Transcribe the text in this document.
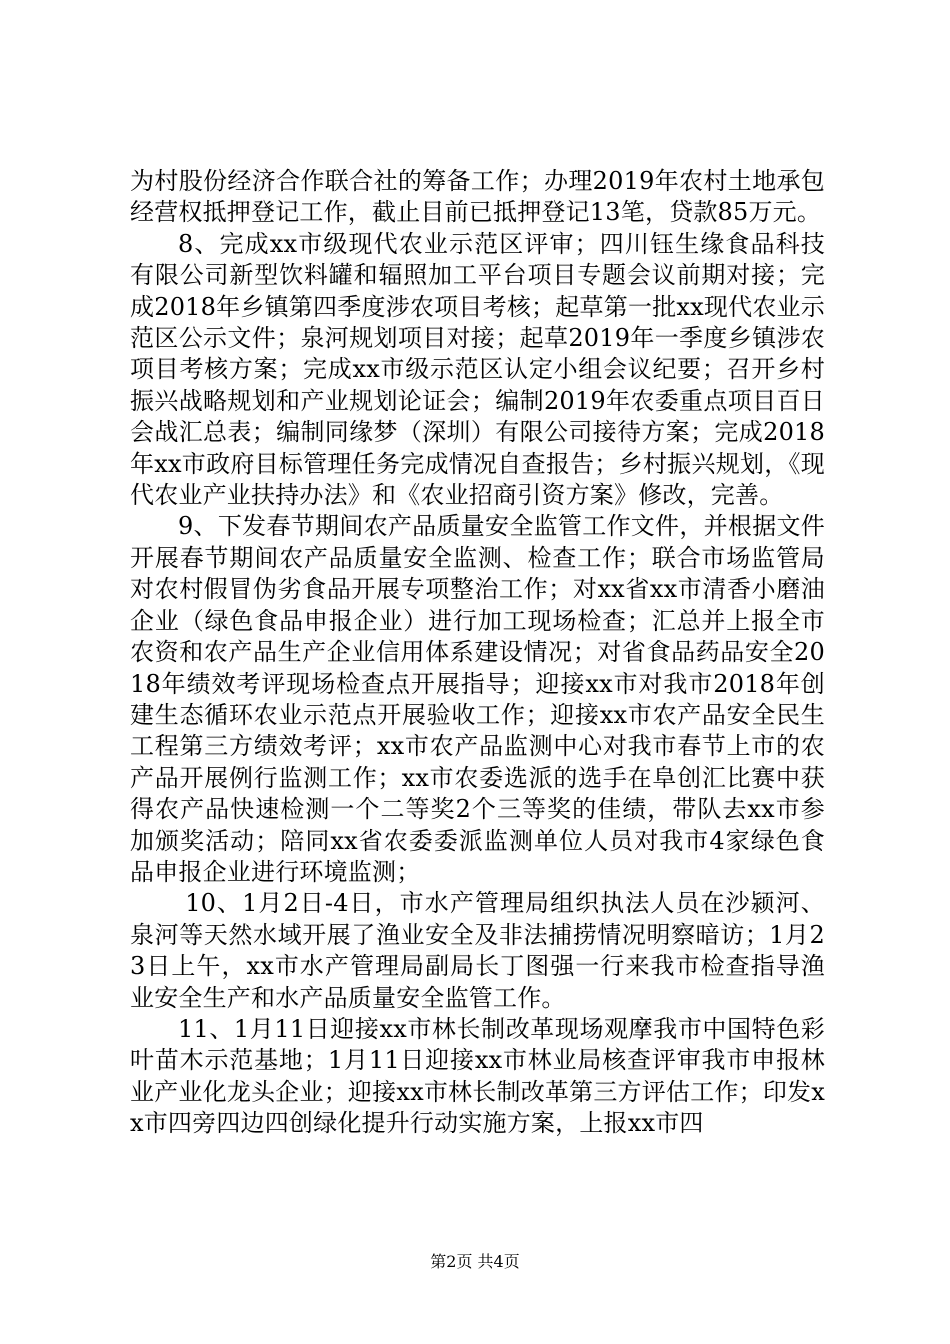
为村股份经济合作联合社的筹备工作；办理2019年农村土地承包经营权抵押登记工作，截止目前已抵押登记13笔，贷款85万元。

8、完成xx市级现代农业示范区评审；四川钰生缘食品科技有限公司新型饮料罐和辐照加工平台项目专题会议前期对接；完成2018年乡镇第四季度涉农项目考核；起草第一批xx现代农业示范区公示文件；泉河规划项目对接；起草2019年一季度乡镇涉农项目考核方案；完成xx市级示范区认定小组会议纪要；召开乡村振兴战略规划和产业规划论证会；编制2019年农委重点项目百日会战汇总表；编制同缘梦（深圳）有限公司接待方案；完成2018年xx市政府目标管理任务完成情况自查报告；乡村振兴规划，《现代农业产业扶持办法》和《农业招商引资方案》修改，完善。

9、下发春节期间农产品质量安全监管工作文件，并根据文件开展春节期间农产品质量安全监测、检查工作；联合市场监管局对农村假冒伪劣食品开展专项整治工作；对xx省xx市清香小磨油企业（绿色食品申报企业）进行加工现场检查；汇总并上报全市农资和农产品生产企业信用体系建设情况；对省食品药品安全2018年绩效考评现场检查点开展指导；迎接xx市对我市2018年创建生态循环农业示范点开展验收工作；迎接xx市农产品安全民生工程第三方绩效考评；xx市农产品监测中心对我市春节上市的农产品开展例行监测工作；xx市农委选派的选手在阜创汇比赛中获得农产品快速检测一个二等奖2个三等奖的佳绩，带队去xx市参加颁奖活动；陪同xx省农委委派监测单位人员对我市4家绿色食品申报企业进行环境监测；

10、1月2日-4日，市水产管理局组织执法人员在沙颍河、泉河等天然水域开展了渔业安全及非法捕捞情况明察暗访；1月23日上午，xx市水产管理局副局长丁图强一行来我市检查指导渔业安全生产和水产品质量安全监管工作。

11、1月11日迎接xx市林长制改革现场观摩我市中国特色彩叶苗木示范基地；1月11日迎接xx市林业局核查评审我市申报林业产业化龙头企业；迎接xx市林长制改革第三方评估工作；印发xx市四旁四边四创绿化提升行动实施方案，上报xx市四

第2页 共4页
